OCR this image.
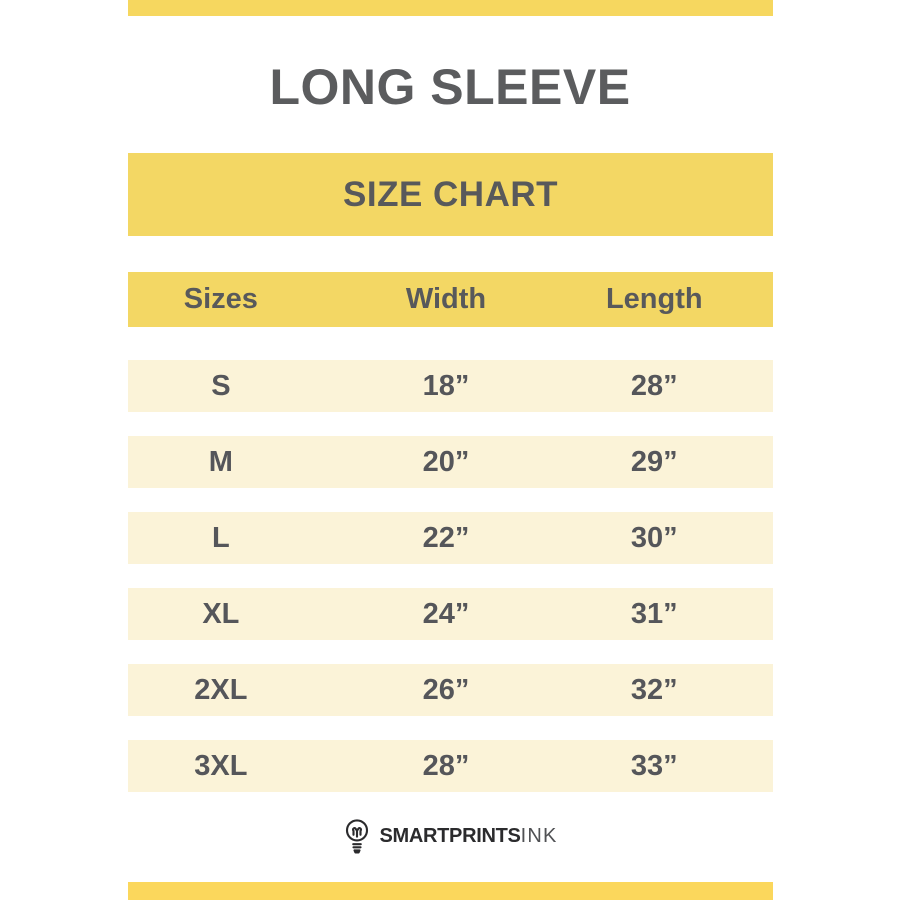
LONG SLEEVE
SIZE CHART
Sizes	Width	Length
S	18”	28”
M	20”	29”
L	22”	30”
XL	24”	31”
2XL	26”	32”
3XL	28”	33”
SMARTPRINTSINK
